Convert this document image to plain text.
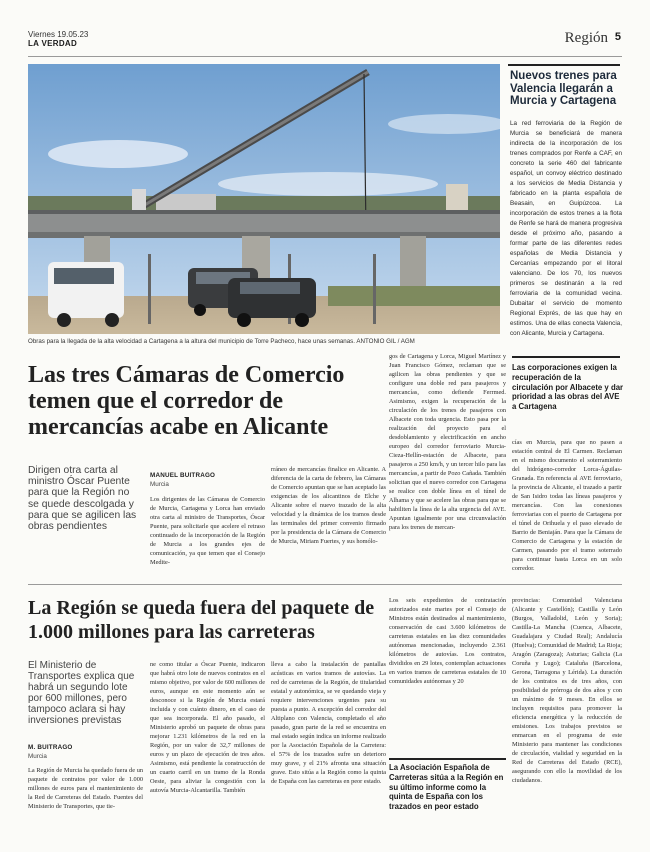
Viernes 19.05.23
LA VERDAD	Región 5
Obras para la llegada de la alta velocidad a Cartagena a la altura del municipio de Torre Pacheco, hace unas semanas. ANTONIO GIL / AGM
Nuevos trenes para Valencia llegarán a Murcia y Cartagena
La red ferroviaria de la Región de Murcia se beneficiará de manera indirecta de la incorporación de los trenes comprados por Renfe a CAF, en concreto la serie 460 del fabricante español, un convoy eléctrico destinado a los servicios de Media Distancia y fabricado en la planta española de Beasain, en Guipúzcoa. La incorporación de estos trenes a la flota de Renfe se hará de manera progresiva desde el próximo año, pasando a formar parte de las diferentes redes españolas de Media Distancia y Cercanías empezando por el litoral valenciano. De los 70, los nuevos primeros se destinarán a la red ferroviaria de la comunidad vecina. Dubaitar el servicio de momento Regional Exprés, de las que hay en estimos. Una de ellas conecta Valencia, con Alicante, Murcia y Cartagena.
Las tres Cámaras de Comercio temen que el corredor de mercancías acabe en Alicante
Dirigen otra carta al ministro Óscar Puente para que la Región no se quede descolgada y para que se agilicen las obras pendientes
MANUEL BUITRAGO
Murcia
Los dirigentes de las Cámaras de Comercio de Murcia, Cartagena y Lorca han enviado otra carta al ministro de Transportes, Óscar Puente, para solicitarle que acelere el retraso continuado de la incorporación de la Región de Murcia a los grandes ejes de comunicación, ya que temen que el Consejo Medite-
rráneo de mercancías finalice en Alicante. A diferencia de la carta de febrero, las Cámaras de Comercio apuntan que se han aceptado las exigencias de los alicantinos de Elche y Alicante sobre el nuevo trazado de la alta velocidad y la dinámica de los tramos desde las terminales del primer convenio firmado por la presidencia de la Cámara de Comercio de Murcia, Miriam Fuertes, y sus homólo-
gos de Cartagena y Lorca, Miguel Martínez y Juan Francisco Gómez, reclaman que se agilicen las obras pendientes y que se configure una doble red para pasajeros y mercancías, como defiende Ferrmed. Asimismo, exigen la recuperación de la circulación de los trenes de pasajeros con Albacete con toda urgencia. Esto pasa por la realización del proyecto para el desdoblamiento y electrificación en ancho europeo del corredor ferroviario Murcia-Cieza-Hellín-estación de Albacete, para pasajeros a 250 km/h, y un tercer hilo para las mercancías, a partir de Pozo Cañada. También solicitan que el nuevo corredor con Cartagena se realice con doble línea en el túnel de Alhama y que se acelere las obras para que se habiliten la línea de la alta urgencia del AVE. Apuntan igualmente por una circunvalación para los trenes de mercan-
Las corporaciones exigen la recuperación de la circulación por Albacete y dar prioridad a las obras del AVE a Cartagena
cías en Murcia, para que no pasen a estación central de El Carmen. Reclaman en el mismo documento el soterramiento del hidrógeno-corredor Lorca-Águilas-Granada. En referencia al AVE ferroviario, la provincia de Alicante, el trazado a partir de San Isidro todas las líneas pasajeros y mercancías. Con las conexiones ferroviarias con el puerto de Cartagena por el túnel de Orihuela y el paso elevado de Barrio de Beniaján. Para que la Cámara de Comercio de Cartagena y la estación de Carmen, pasando por el tramo soterrado para continuar hasta Lorca en un solo corredor.
La Región se queda fuera del paquete de 1.000 millones para las carreteras
El Ministerio de Transportes explica que habrá un segundo lote por 600 millones, pero tampoco aclara si hay inversiones previstas
M. BUITRAGO
Murcia
La Región de Murcia ha quedado fuera de un paquete de contratos por valor de 1.000 millones de euros para el mantenimiento de la Red de Carreteras del Estado. Fuentes del Ministerio de Transportes, que tie-
ne como titular a Óscar Puente, indicaron que habrá otro lote de nuevos contratos en el mismo objetivo, por valor de 600 millones de euros, aunque en este momento aún se desconoce si la Región de Murcia estará incluida y con cuánto dinero, en el caso de que sea incorporada. El año pasado, el Ministerio aprobó un paquete de obras para mejorar 1.231 kilómetros de la red en la Región, por un valor de 32,7 millones de euros y un plazo de ejecución de tres años. Asimismo, está pendiente la construcción de un cuarto carril en un tramo de la Ronda Oeste, para aliviar la congestión con la autovía Murcia-Alcantarilla. También
lleva a cabo la instalación de pantallas acústicas en varios tramos de autovías. La red de carreteras de la Región, de titularidad estatal y autonómica, se ve quedando vieja y requiere intervenciones urgentes para su puesta a punto. A excepción del corredor del Altiplano con Valencia, completado el año pasado, gran parte de la red se encuentra en mal estado según indica un informe realizado por la Asociación Española de la Carretera: el 57% de los trazados sufre un deterioro muy grave, y el 21% afronta una situación grave. Esto sitúa a la Región como la quinta de España con las carreteras en peor estado.
Los seis expedientes de contratación autorizados este martes por el Consejo de Ministros están destinados al mantenimiento, conservación de casi 3.600 kilómetros de carreteras estatales en las diez comunidades autónomas mencionadas, incluyendo 2.361 kilómetros de autovías. Los contratos, divididos en 29 lotes, contemplan actuaciones en varios tramos de carreteras estatales de 10 comunidades autónomas y 20
La Asociación Española de Carreteras sitúa a la Región en su último informe como la quinta de España con los trazados en peor estado
provincias: Comunidad Valenciana (Alicante y Castellón); Castilla y León (Burgos, Valladolid, León y Soria); Castilla-La Mancha (Cuenca, Albacete, Guadalajara y Ciudad Real); Andalucía (Huelva); Comunidad de Madrid; La Rioja; Aragón (Zaragoza); Asturias; Galicia (La Coruña y Lugo); Cataluña (Barcelona, Gerona, Tarragona y Lérida). La duración de los contratos es de tres años, con posibilidad de prórroga de dos años y con un máximo de 9 meses. En ellos se incluyen requisitos para promover la eficiencia energética y la reducción de emisiones. Los trabajos previstos se enmarcan en el programa de este Ministerio para mantener las condiciones de circulación, vialidad y seguridad en la Red de Carreteras del Estado (RCE), asegurando con ello la movilidad de los ciudadanos.
